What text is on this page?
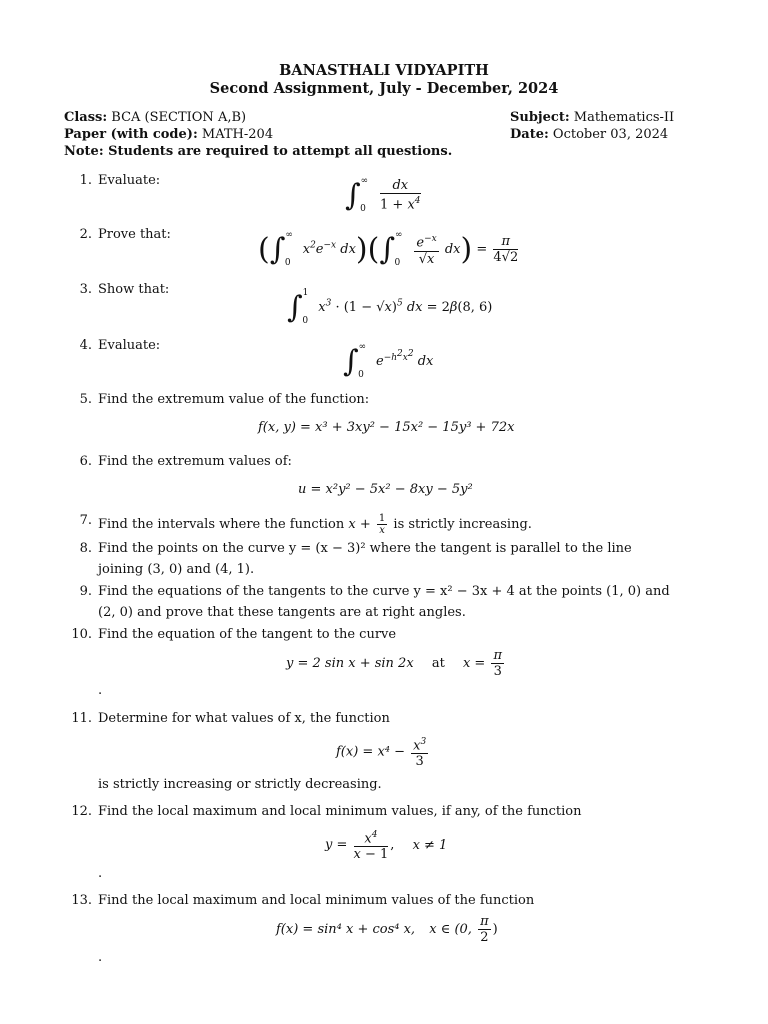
BANASTHALI VIDYAPITH
Second Assignment, July - December, 2024
Class: BCA (SECTION A,B)	Subject: Mathematics-II
Paper (with code): MATH-204	Date: October 03, 2024
Note: Students are required to attempt all questions.
1. Evaluate:	$\int^\infty_0 \frac{dx}{1 + x^4}$
2. Prove that:	($\int^\infty_0$ $x^2e^{-x}$ $dx)(\int^\infty_0 \frac{e^{-x}}{√x} dx) = \frac{\pi}{4√2}$
3. Show that:
∫$^1_0$ $x^3 \cdot (1 - √x)^5$ dx = 2β(8, 6)
4. Evaluate:	$\int^\infty_0$ $e^{-h^2x^2}$ dx
5. Find the extremum value of the function:
f(x, y) = x³ + 3xy² − 15x² − 15y³ + 72x
6. Find the extremum values of:
u = x²y² − 5x² − 8xy − 5y²
7. Find the intervals where the function $x + \frac{1}{x}$ is strictly increasing.
8. Find the points on the curve y = (x − 3)² where the tangent is parallel to the line joining (3, 0) and (4, 1).
9. Find the equations of the tangents to the curve y = x² − 3x + 4 at the points (1, 0) and (2, 0) and prove that these tangents are at right angles.
10. Find the equation of the tangent to the curve
y = 2 sin x + sin 2x at $x = \frac{\pi}{3}$
.
11. Determine for what values of x, the function
$f(x) = x^4 - \frac{x^3}{3}$
is strictly increasing or strictly decreasing.
12. Find the local maximum and local minimum values, if any, of the function
$y = \frac{x^4}{x - 1}$ , x ≠ 1
.
13. Find the local maximum and local minimum values of the function
f(x) = sin⁴ x + cos⁴ x, x ∈ (0, $\frac{\pi}{2}$ )
.
